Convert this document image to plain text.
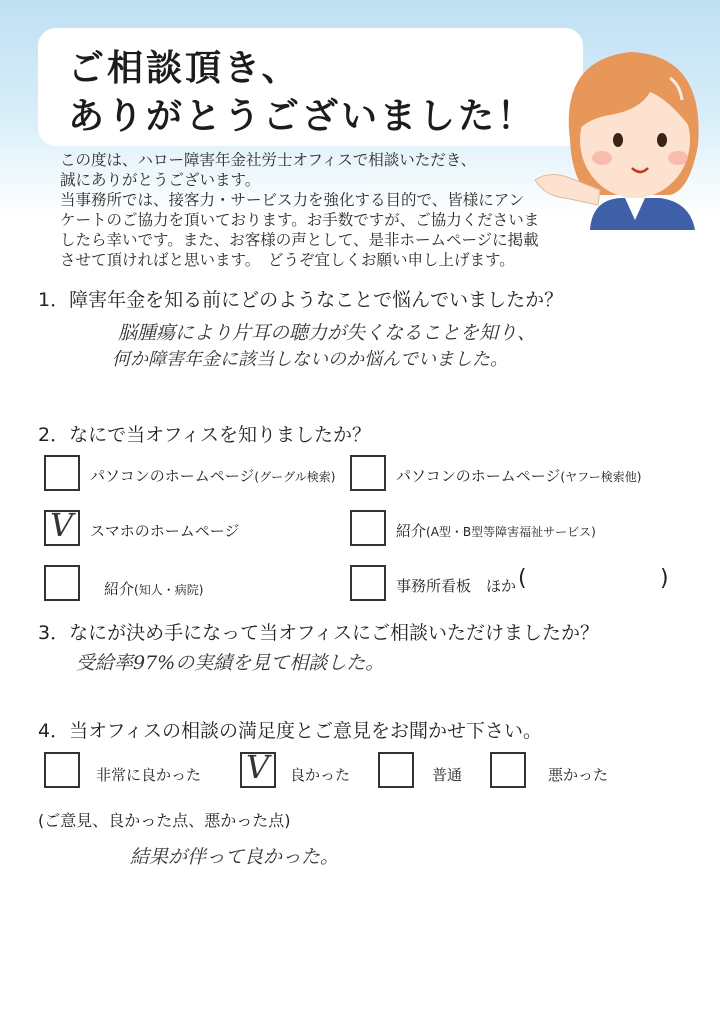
ご相談頂き、
ありがとうございました！

この度は、ハロー障害年金社労士オフィスで相談いただき、

誠にありがとうございます。

当事務所では、接客力・サービス力を強化する目的で、皆様にアン

ケートのご協力を頂いております。お手数ですが、ご協力くださいま

したら幸いです。また、お客様の声として、是非ホームページに掲載

させて頂ければと思います。　どうぞ宜しくお願い申し上げます。

1．障害年金を知る前にどのようなことで悩んでいましたか？
脳腫瘍により片耳の聴力が失くなることを知り、
何か障害年金に該当しないのか悩んでいました。
2．なにで当オフィスを知りましたか？
パソコンのホームページ(グーグル検索)	パソコンのホームページ(ヤフー検索他)
V スマホのホームページ	紹介(A型・B型等障害福祉サービス)
紹介(知人・病院)	事務所看板　ほか (	)
3．なにが決め手になって当オフィスにご相談いただけましたか？
受給率97%の実績を見て相談した。
4．当オフィスの相談の満足度とご意見をお聞かせ下さい。
非常に良かった V 良かった	普通	悪かった
(ご意見、良かった点、悪かった点)
結果が伴って良かった。
